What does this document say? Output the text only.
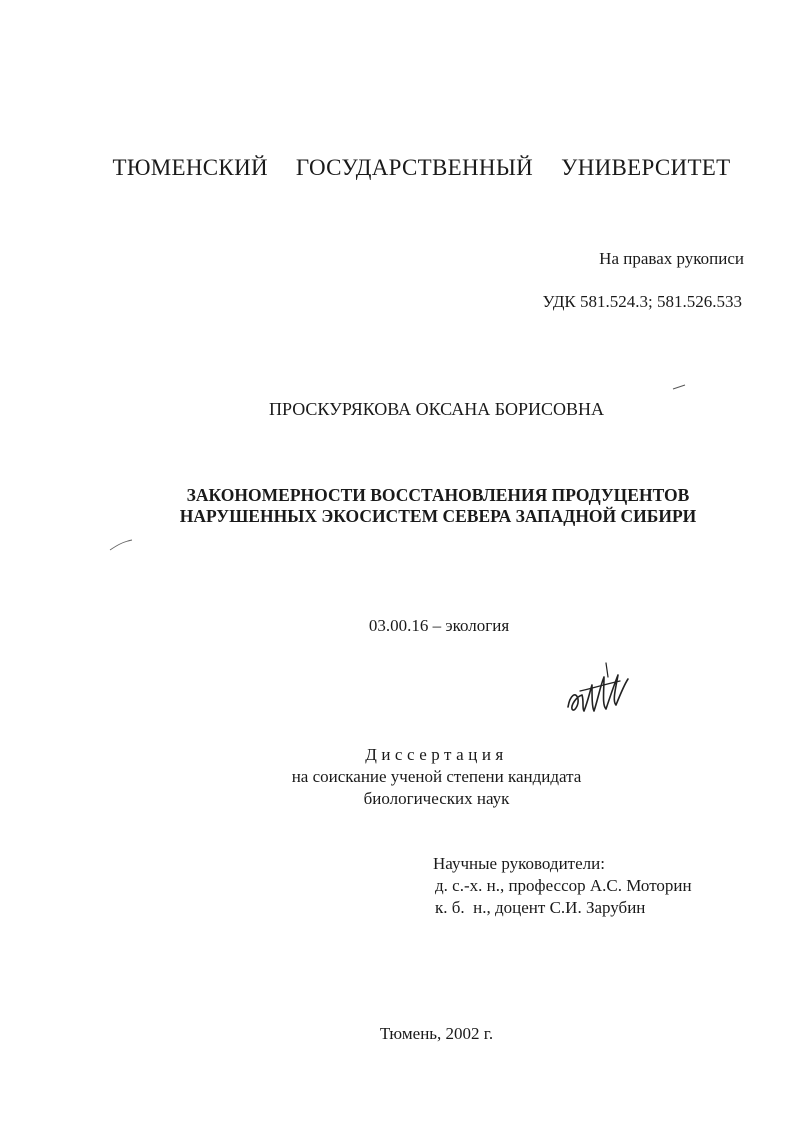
ТЮМЕНСКИЙ ГОСУДАРСТВЕННЫЙ УНИВЕРСИТЕТ
На правах рукописи
УДК 581.524.3; 581.526.533
ПРОСКУРЯКОВА ОКСАНА БОРИСОВНА
ЗАКОНОМЕРНОСТИ ВОССТАНОВЛЕНИЯ ПРОДУЦЕНТОВ
НАРУШЕННЫХ ЭКОСИСТЕМ СЕВЕРА ЗАПАДНОЙ СИБИРИ
03.00.16 – экология
Диссертация
на соискание ученой степени кандидата
биологических наук
Научные руководители:
д. с.-х. н., профессор А.С. Моторин
к. б.  н., доцент С.И. Зарубин
Тюмень, 2002 г.
